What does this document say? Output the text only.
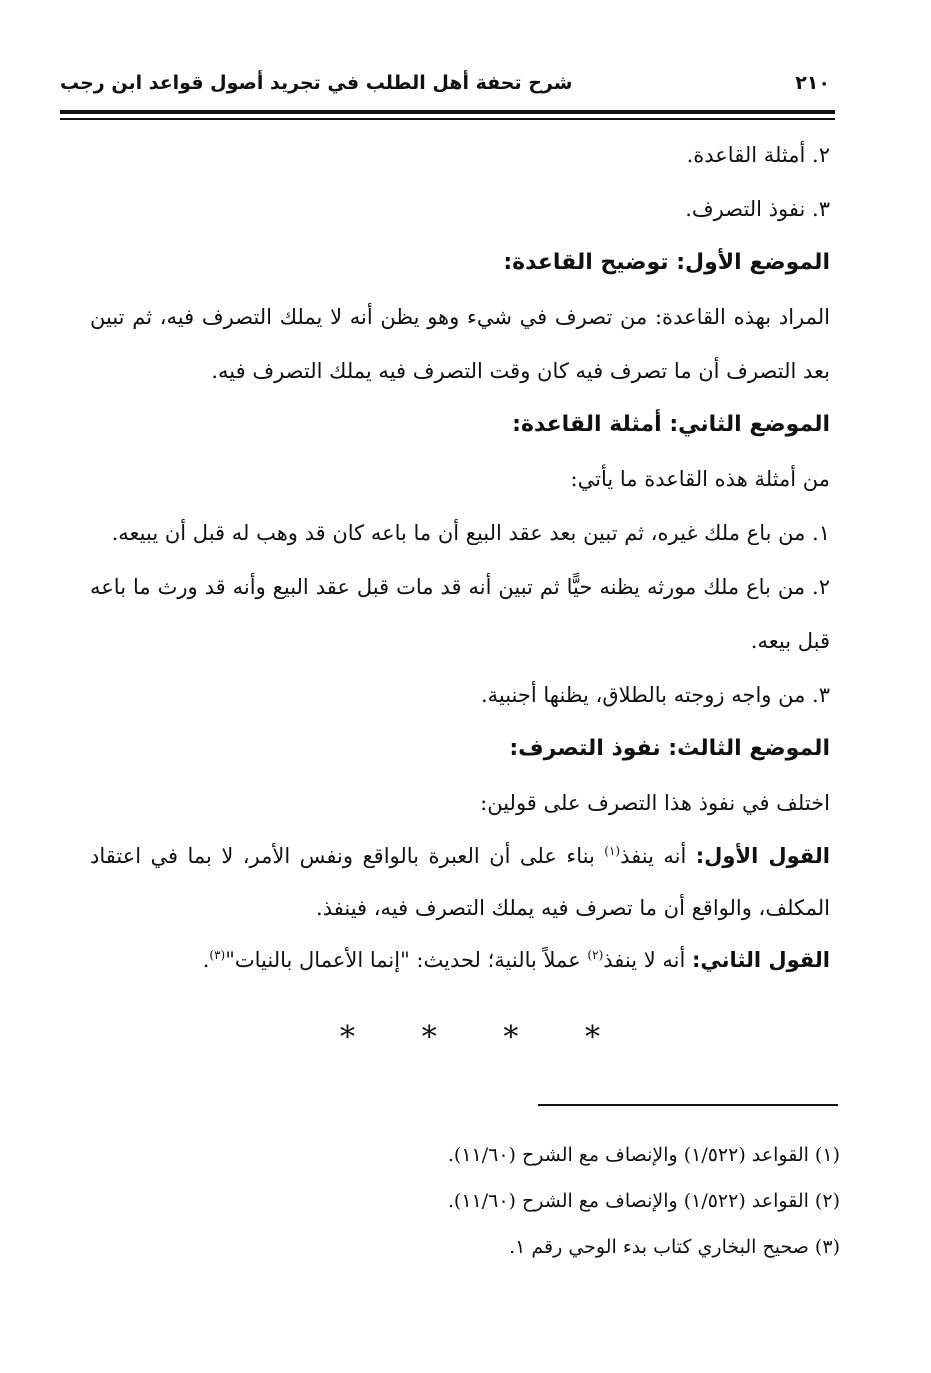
شرح تحفة أهل الطلب في تجريد أصول قواعد ابن رجب	٢١٠

٢. أمثلة القاعدة.

٣. نفوذ التصرف.

الموضع الأول: توضيح القاعدة:

المراد بهذه القاعدة: من تصرف في شيء وهو يظن أنه لا يملك التصرف فيه، ثم تبين بعد التصرف أن ما تصرف فيه كان وقت التصرف فيه يملك التصرف فيه.

الموضع الثاني: أمثلة القاعدة:

من أمثلة هذه القاعدة ما يأتي:

١. من باع ملك غيره، ثم تبين بعد عقد البيع أن ما باعه كان قد وهب له قبل أن يبيعه.

٢. من باع ملك مورثه يظنه حيًّا ثم تبين أنه قد مات قبل عقد البيع وأنه قد ورث ما باعه قبل بيعه.

٣. من واجه زوجته بالطلاق، يظنها أجنبية.

الموضع الثالث: نفوذ التصرف:

اختلف في نفوذ هذا التصرف على قولين:

القول الأول: أنه ينفذ$^{(١)}$ بناء على أن العبرة بالواقع ونفس الأمر، لا بما في اعتقاد المكلف، والواقع أن ما تصرف فيه يملك التصرف فيه، فينفذ.

القول الثاني: أنه لا ينفذ$^{(٢)}$ عملاً بالنية؛ لحديث: "إنما الأعمال بالنيات"$^{(٣)}$.

*
*
*
*

(١) القواعد (١/٥٢٢) والإنصاف مع الشرح (١١/٦٠).

(٢) القواعد (١/٥٢٢) والإنصاف مع الشرح (١١/٦٠).

(٣) صحيح البخاري كتاب بدء الوحي رقم ١.
